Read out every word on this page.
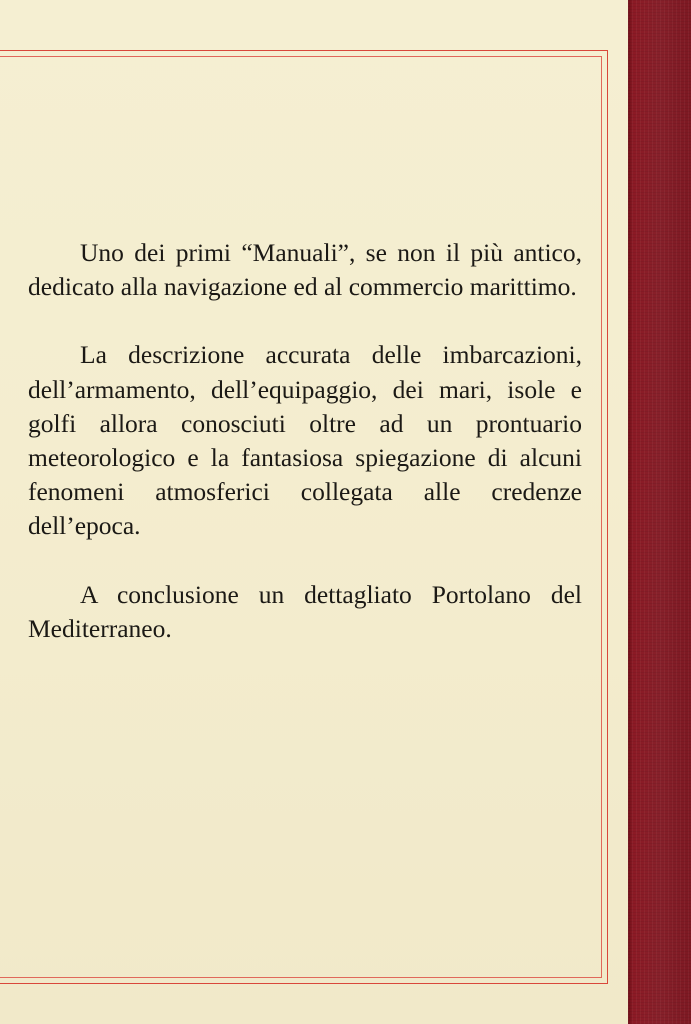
Uno dei primi “Manuali”, se non il più antico, dedicato alla navigazione ed al commercio marittimo.

La descrizione accurata delle imbarcazioni, dell’armamento, dell’equipaggio, dei mari, isole e golfi allora conosciuti oltre ad un prontuario meteorologico e la fantasiosa spiegazione di alcuni fenomeni atmosferici collegata alle credenze dell’epoca.

A conclusione un dettagliato Portolano del Mediterraneo.
